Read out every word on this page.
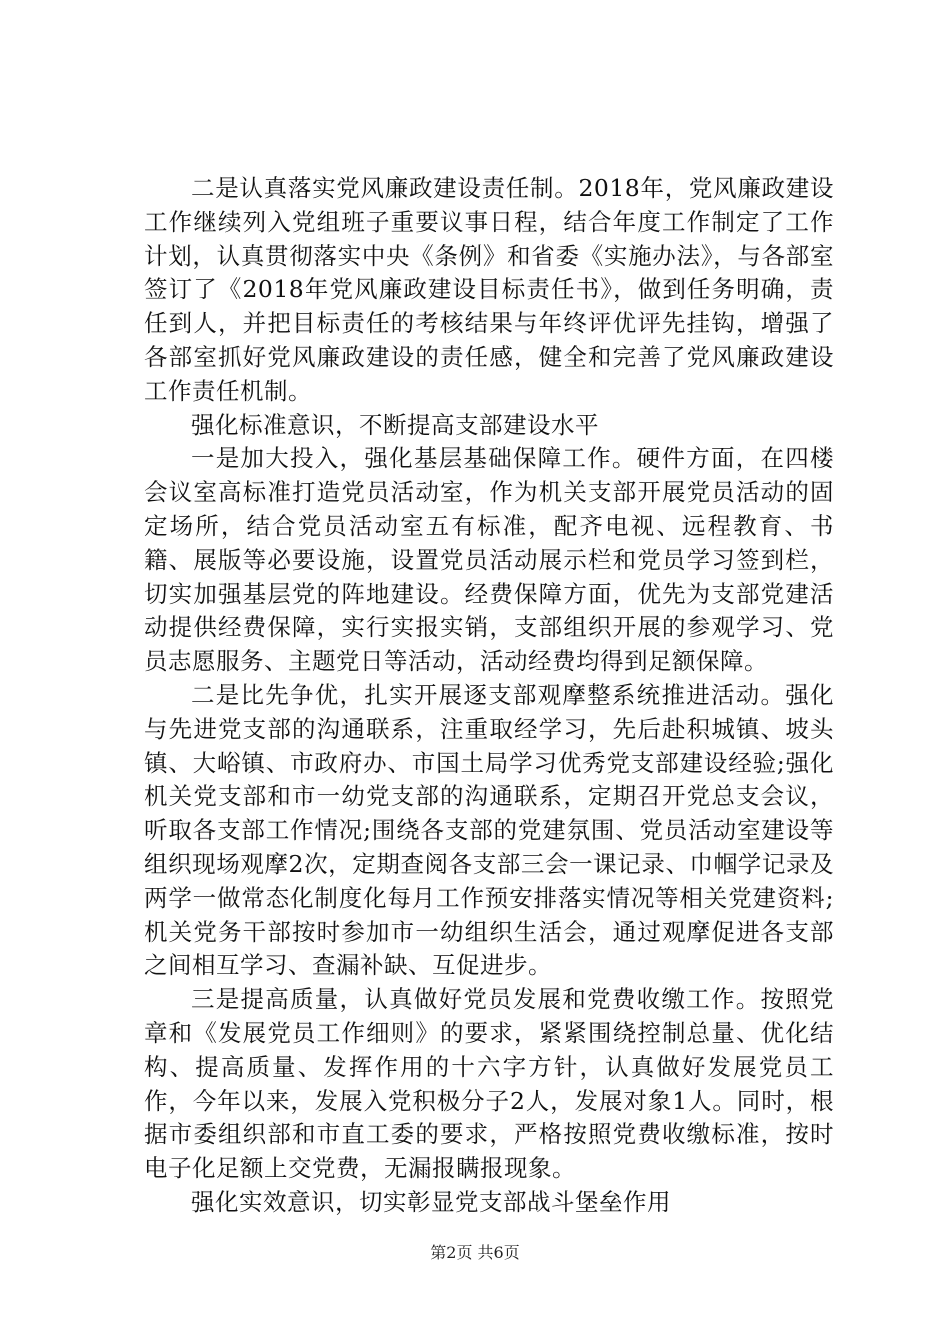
二是认真落实党风廉政建设责任制。2018年，党风廉政建设工作继续列入党组班子重要议事日程，结合年度工作制定了工作计划，认真贯彻落实中央《条例》和省委《实施办法》，与各部室签订了《2018年党风廉政建设目标责任书》，做到任务明确，责任到人，并把目标责任的考核结果与年终评优评先挂钩，增强了各部室抓好党风廉政建设的责任感，健全和完善了党风廉政建设工作责任机制。

强化标准意识，不断提高支部建设水平

一是加大投入，强化基层基础保障工作。硬件方面，在四楼会议室高标准打造党员活动室，作为机关支部开展党员活动的固定场所，结合党员活动室五有标准，配齐电视、远程教育、书籍、展版等必要设施，设置党员活动展示栏和党员学习签到栏，切实加强基层党的阵地建设。经费保障方面，优先为支部党建活动提供经费保障，实行实报实销，支部组织开展的参观学习、党员志愿服务、主题党日等活动，活动经费均得到足额保障。

二是比先争优，扎实开展逐支部观摩整系统推进活动。强化与先进党支部的沟通联系，注重取经学习，先后赴积城镇、坡头镇、大峪镇、市政府办、市国土局学习优秀党支部建设经验;强化机关党支部和市一幼党支部的沟通联系，定期召开党总支会议，听取各支部工作情况;围绕各支部的党建氛围、党员活动室建设等组织现场观摩2次，定期查阅各支部三会一课记录、巾帼学记录及两学一做常态化制度化每月工作预安排落实情况等相关党建资料;机关党务干部按时参加市一幼组织生活会，通过观摩促进各支部之间相互学习、查漏补缺、互促进步。

三是提高质量，认真做好党员发展和党费收缴工作。按照党章和《发展党员工作细则》的要求，紧紧围绕控制总量、优化结构、提高质量、发挥作用的十六字方针，认真做好发展党员工作，今年以来，发展入党积极分子2人，发展对象1人。同时，根据市委组织部和市直工委的要求，严格按照党费收缴标准，按时电子化足额上交党费，无漏报瞒报现象。

强化实效意识，切实彰显党支部战斗堡垒作用

第2页 共6页
